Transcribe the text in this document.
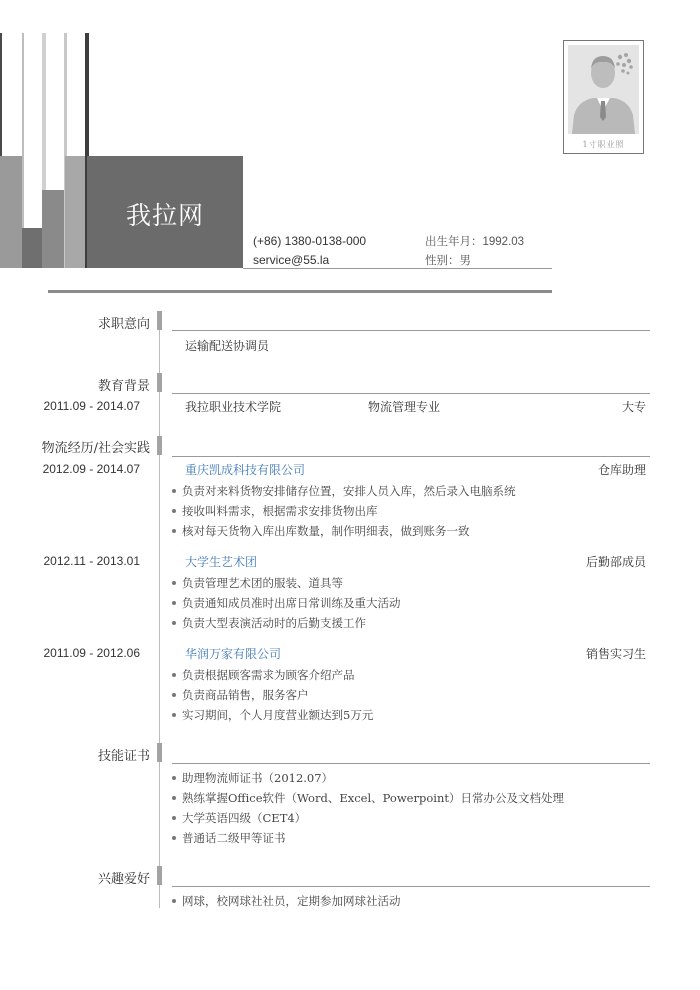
我拉网
(+86) 1380-0138-000
service@55.la
出生年月：1992.03
性别：男
1寸职业照
求职意向
运输配送协调员
教育背景
2011.09 - 2014.07	我拉职业技术学院	物流管理专业	大专
物流经历/社会实践
2012.09 - 2014.07	重庆凯成科技有限公司	仓库助理
负责对来料货物安排储存位置，安排人员入库，然后录入电脑系统
接收叫料需求，根据需求安排货物出库
核对每天货物入库出库数量，制作明细表，做到账务一致
2012.11 - 2013.01	大学生艺术团	后勤部成员
负责管理艺术团的服装、道具等
负责通知成员准时出席日常训练及重大活动
负责大型表演活动时的后勤支援工作
2011.09 - 2012.06	华润万家有限公司	销售实习生
负责根据顾客需求为顾客介绍产品
负责商品销售，服务客户
实习期间，个人月度营业额达到5万元
技能证书
助理物流师证书（2012.07）
熟练掌握Office软件（Word、Excel、Powerpoint）日常办公及文档处理
大学英语四级（CET4）
普通话二级甲等证书
兴趣爱好
网球，校网球社社员，定期参加网球社活动
